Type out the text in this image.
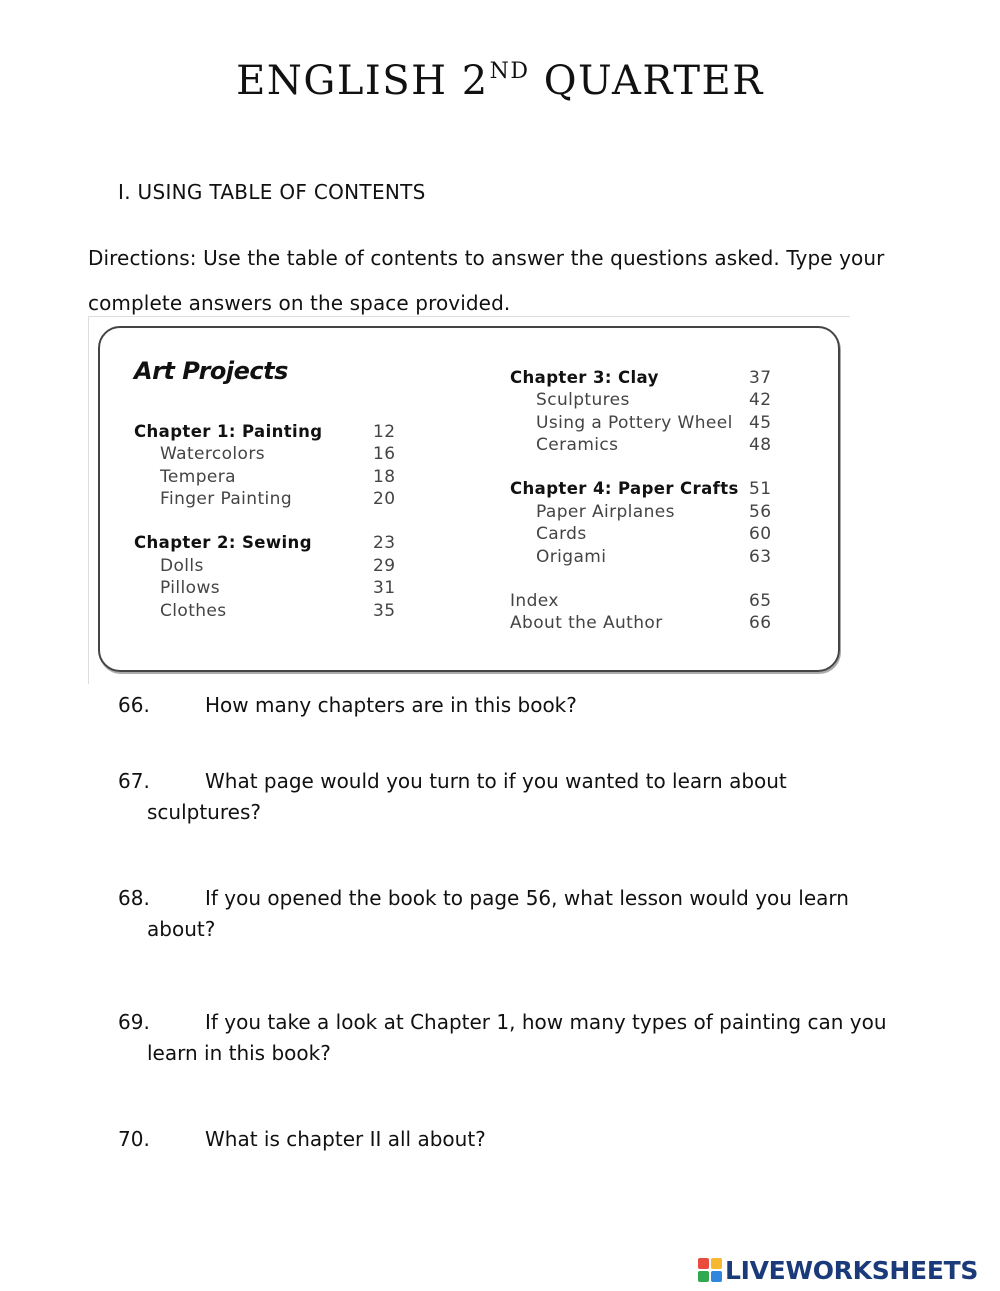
ENGLISH 2ND QUARTER
I. USING TABLE OF CONTENTS
Directions: Use the table of contents to answer the questions asked. Type your complete answers on the space provided.
Art Projects
Chapter 1: Painting	12
Watercolors	16
Tempera	18
Finger Painting	20
Chapter 2: Sewing	23
Dolls	29
Pillows	31
Clothes	35
Chapter 3: Clay	37
Sculptures	42
Using a Pottery Wheel 45
Ceramics	48
Chapter 4: Paper Crafts 51
Paper Airplanes	56
Cards	60
Origami	63
Index	65
About the Author	66
66.	How many chapters are in this book?
67.	What page would you turn to if you wanted to learn about
sculptures?
68.	If you opened the book to page 56, what lesson would you learn
about?
69.	If you take a look at Chapter 1, how many types of painting can you
learn in this book?
70.	What is chapter II all about?
LIVEWORKSHEETS
